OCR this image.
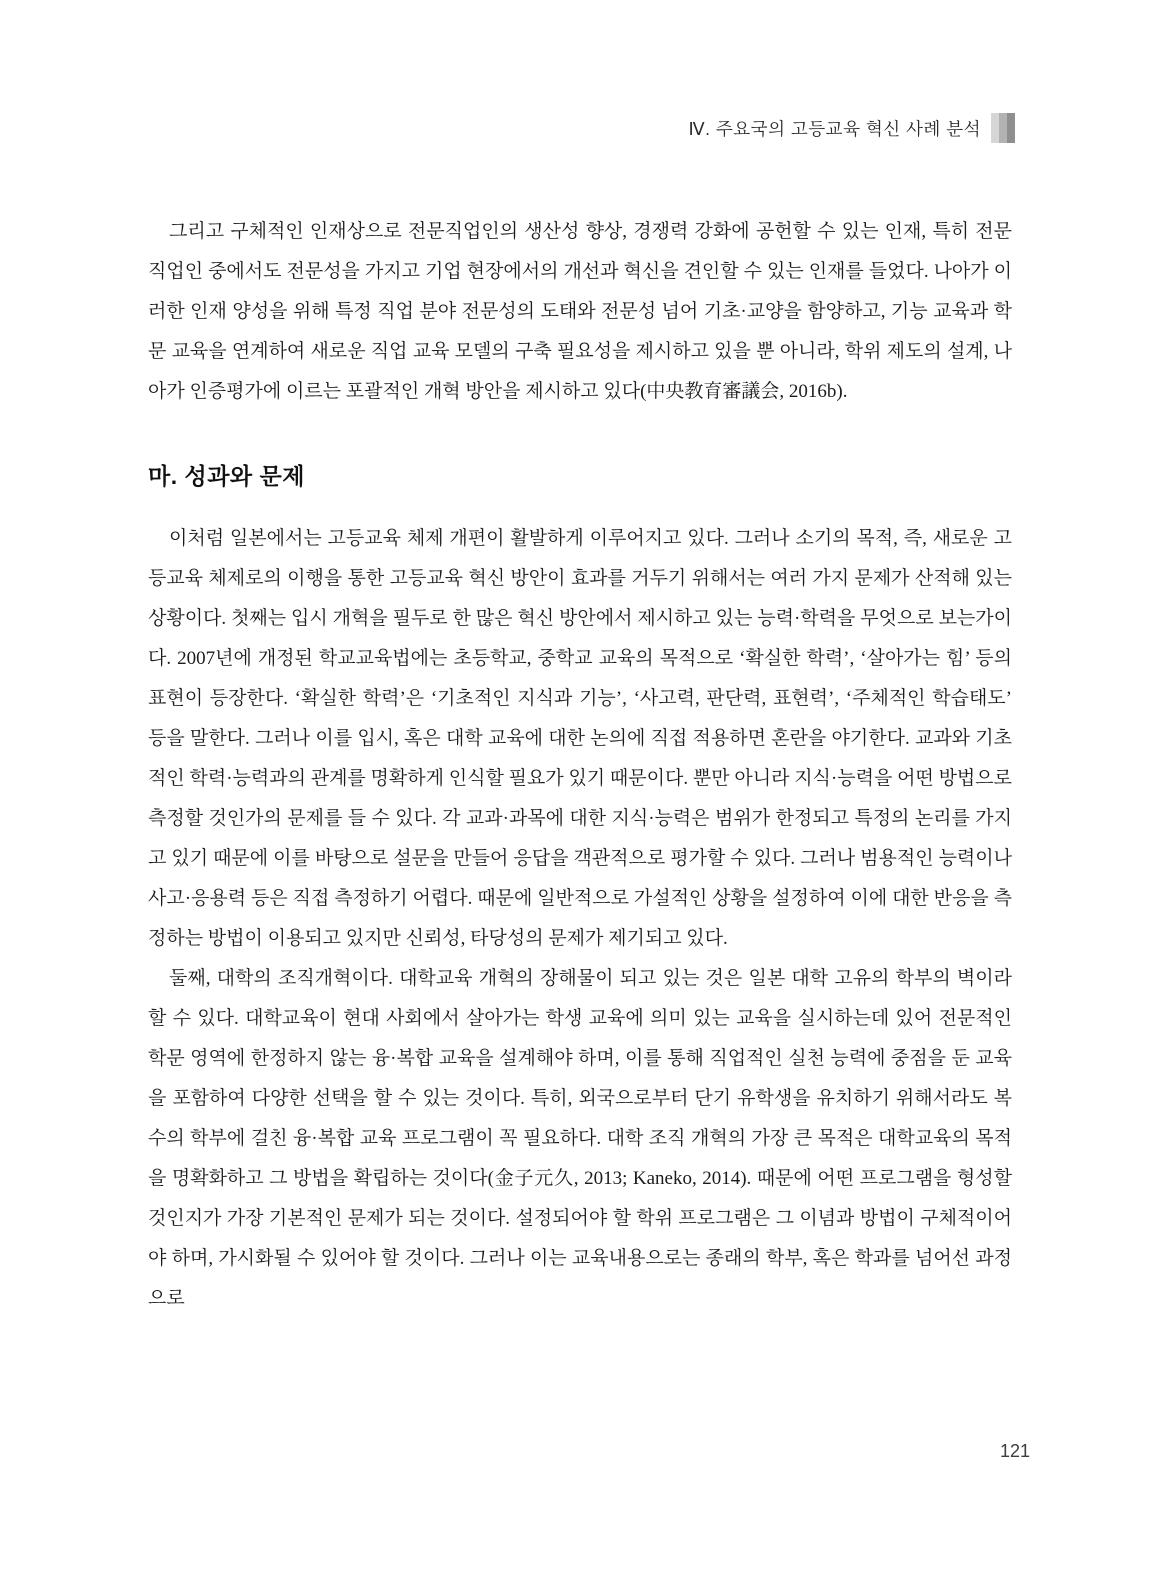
Ⅳ. 주요국의 고등교육 혁신 사례 분석

그리고 구체적인 인재상으로 전문직업인의 생산성 향상, 경쟁력 강화에 공헌할 수 있는 인재, 특히 전문 직업인 중에서도 전문성을 가지고 기업 현장에서의 개선과 혁신을 견인할 수 있는 인재를 들었다. 나아가 이러한 인재 양성을 위해 특정 직업 분야 전문성의 도태와 전문성 넘어 기초·교양을 함양하고, 기능 교육과 학문 교육을 연계하여 새로운 직업 교육 모델의 구축 필요성을 제시하고 있을 뿐 아니라, 학위 제도의 설계, 나아가 인증평가에 이르는 포괄적인 개혁 방안을 제시하고 있다(中央教育審議会, 2016b).

마. 성과와 문제

이처럼 일본에서는 고등교육 체제 개편이 활발하게 이루어지고 있다. 그러나 소기의 목적, 즉, 새로운 고등교육 체제로의 이행을 통한 고등교육 혁신 방안이 효과를 거두기 위해서는 여러 가지 문제가 산적해 있는 상황이다. 첫째는 입시 개혁을 필두로 한 많은 혁신 방안에서 제시하고 있는 능력·학력을 무엇으로 보는가이다. 2007년에 개정된 학교교육법에는 초등학교, 중학교 교육의 목적으로 ‘확실한 학력’, ‘살아가는 힘’ 등의 표현이 등장한다. ‘확실한 학력’은 ‘기초적인 지식과 기능’, ‘사고력, 판단력, 표현력’, ‘주체적인 학습태도’ 등을 말한다. 그러나 이를 입시, 혹은 대학 교육에 대한 논의에 직접 적용하면 혼란을 야기한다. 교과와 기초적인 학력·능력과의 관계를 명확하게 인식할 필요가 있기 때문이다. 뿐만 아니라 지식·능력을 어떤 방법으로 측정할 것인가의 문제를 들 수 있다. 각 교과·과목에 대한 지식·능력은 범위가 한정되고 특정의 논리를 가지고 있기 때문에 이를 바탕으로 설문을 만들어 응답을 객관적으로 평가할 수 있다. 그러나 범용적인 능력이나 사고·응용력 등은 직접 측정하기 어렵다. 때문에 일반적으로 가설적인 상황을 설정하여 이에 대한 반응을 측정하는 방법이 이용되고 있지만 신뢰성, 타당성의 문제가 제기되고 있다.

둘째, 대학의 조직개혁이다. 대학교육 개혁의 장해물이 되고 있는 것은 일본 대학 고유의 학부의 벽이라 할 수 있다. 대학교육이 현대 사회에서 살아가는 학생 교육에 의미 있는 교육을 실시하는데 있어 전문적인 학문 영역에 한정하지 않는 융·복합 교육을 설계해야 하며, 이를 통해 직업적인 실천 능력에 중점을 둔 교육을 포함하여 다양한 선택을 할 수 있는 것이다. 특히, 외국으로부터 단기 유학생을 유치하기 위해서라도 복수의 학부에 걸친 융·복합 교육 프로그램이 꼭 필요하다. 대학 조직 개혁의 가장 큰 목적은 대학교육의 목적을 명확화하고 그 방법을 확립하는 것이다(金子元久, 2013; Kaneko, 2014). 때문에 어떤 프로그램을 형성할 것인지가 가장 기본적인 문제가 되는 것이다. 설정되어야 할 학위 프로그램은 그 이념과 방법이 구체적이어야 하며, 가시화될 수 있어야 할 것이다. 그러나 이는 교육내용으로는 종래의 학부, 혹은 학과를 넘어선 과정으로

121
